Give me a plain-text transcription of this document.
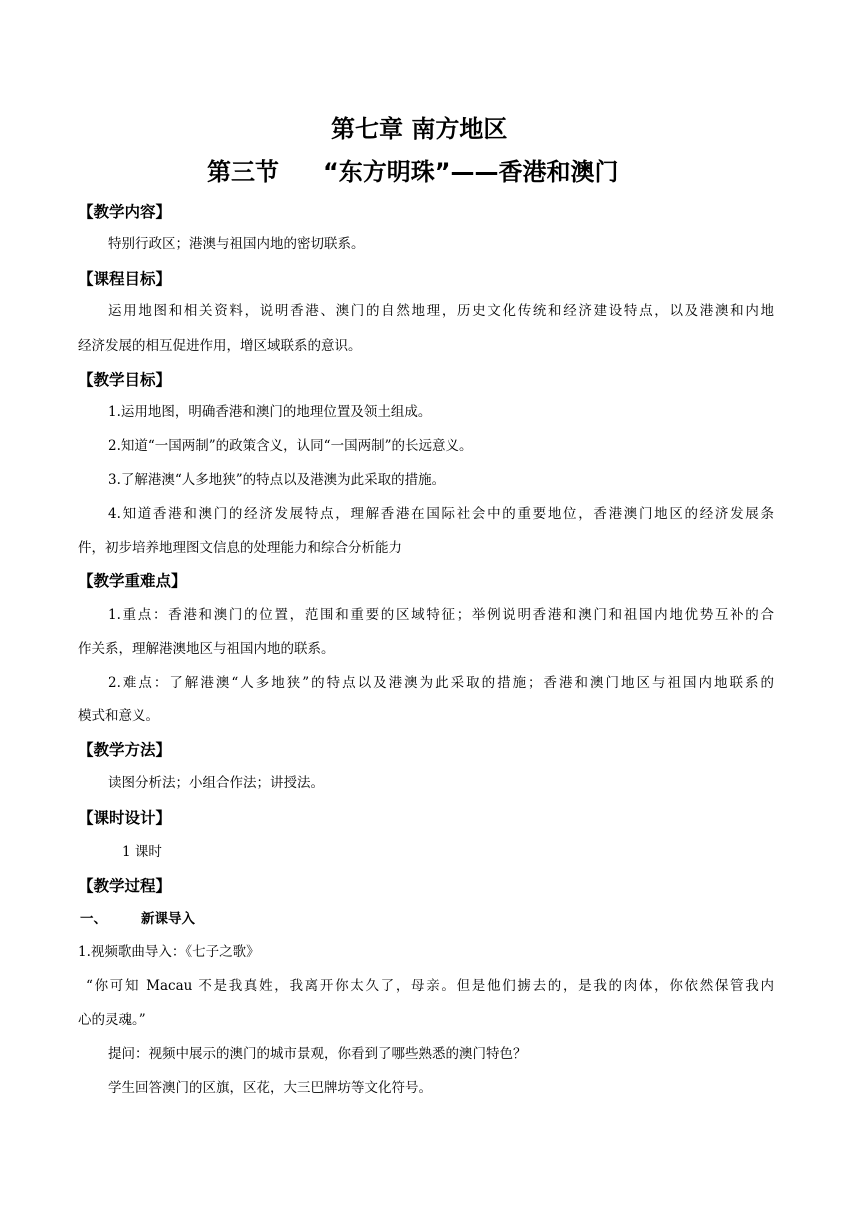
第七章 南方地区
第三节 “东方明珠”——香港和澳门
【教学内容】
特别行政区；港澳与祖国内地的密切联系。
【课程目标】
运用地图和相关资料，说明香港、澳门的自然地理，历史文化传统和经济建设特点，以及港澳和内地
经济发展的相互促进作用，增区域联系的意识。
【教学目标】
1.运用地图，明确香港和澳门的地理位置及领土组成。
2.知道“一国两制”的政策含义，认同“一国两制”的长远意义。
3.了解港澳“人多地狭”的特点以及港澳为此采取的措施。
4.知道香港和澳门的经济发展特点，理解香港在国际社会中的重要地位，香港澳门地区的经济发展条
件，初步培养地理图文信息的处理能力和综合分析能力
【教学重难点】
1.重点：香港和澳门的位置，范围和重要的区域特征；举例说明香港和澳门和祖国内地优势互补的合
作关系，理解港澳地区与祖国内地的联系。
2.难点：了解港澳“人多地狭”的特点以及港澳为此采取的措施；香港和澳门地区与祖国内地联系的
模式和意义。
【教学方法】
读图分析法；小组合作法；讲授法。
【课时设计】
1 课时
【教学过程】
一、	新课导入
1.视频歌曲导入：《七子之歌》
“你可知 Macau 不是我真姓，我离开你太久了，母亲。但是他们掳去的，是我的肉体，你依然保管我内
心的灵魂。”
提问：视频中展示的澳门的城市景观，你看到了哪些熟悉的澳门特色？
学生回答澳门的区旗，区花，大三巴牌坊等文化符号。
